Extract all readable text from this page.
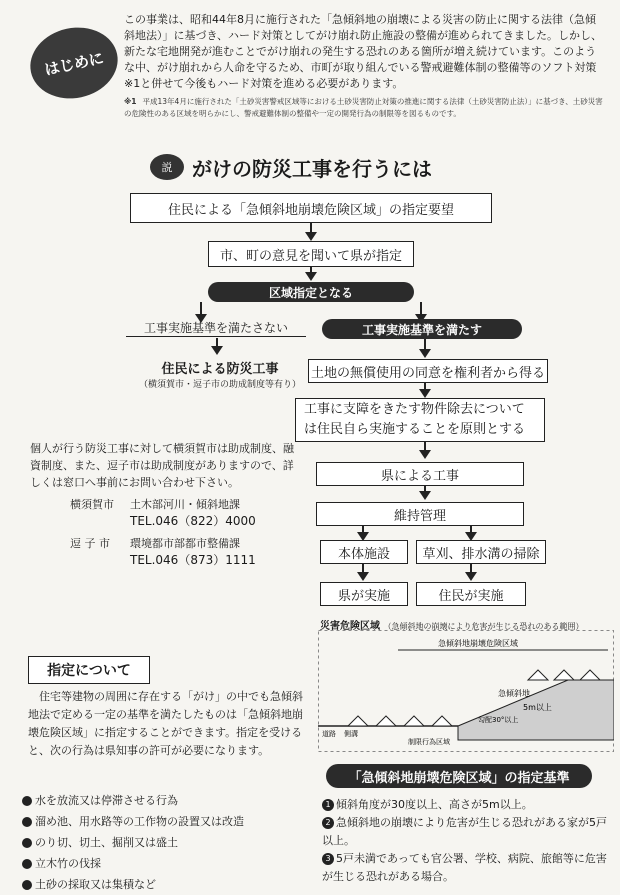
はじめに
この事業は、昭和44年8月に施行された「急傾斜地の崩壊による災害の防止に関する法律（急傾斜地法）」に基づき、ハード対策としてがけ崩れ防止施設の整備が進められてきました。しかし、新たな宅地開発が進むことでがけ崩れの発生する恐れのある箇所が増え続けています。このような中、がけ崩れから人命を守るため、市町が取り組んでいる警戒避難体制の整備等のソフト対策※1と併せて今後もハード対策を進める必要があります。
※1 平成13年4月に施行された「土砂災害警戒区域等における土砂災害防止対策の推進に関する法律（土砂災害防止法）」に基づき、土砂災害の危険性のある区域を明らかにし、警戒避難体制の整備や一定の開発行為の制限等を図るものです。
説 がけの防災工事を行うには
住民による「急傾斜地崩壊危険区域」の指定要望
市、町の意見を聞いて県が指定
区域指定となる
工事実施基準を満たさない	工事実施基準を満たす
住民による防災工事
（横須賀市・逗子市の助成制度等有り）
土地の無償使用の同意を権利者から得る
工事に支障をきたす物件除去については住民自ら実施することを原則とする
県による工事
維持管理
本体施設	草刈、排水溝の掃除
県が実施	住民が実施
個人が行う防災工事に対して横須賀市は助成制度、融資制度、また、逗子市は助成制度がありますので、詳しくは窓口へ事前にお問い合わせ下さい。
横須賀市 土木部河川・傾斜地課
TEL.046（822）4000
逗 子 市 環境都市部都市整備課
TEL.046（873）1111
災害危険区域 （急傾斜地の崩壊により危害が生じる恐れのある範囲）
急傾斜地崩壊危険区域
急傾斜地
5m以上
勾配30°以上
道路 側溝
制限行為区域
指定について
住宅等建物の周囲に存在する「がけ」の中でも急傾斜地法で定める一定の基準を満たしたものは「急傾斜地崩壊危険区域」に指定することができます。指定を受けると、次の行為は県知事の許可が必要になります。
水を放流又は停滞させる行為
溜め池、用水路等の工作物の設置又は改造
のり切、切土、掘削又は盛土
立木竹の伐採
土砂の採取又は集積など
「急傾斜地崩壊危険区域」の指定基準
1 傾斜角度が30度以上、高さが5m以上。
2 急傾斜地の崩壊により危害が生じる恐れがある家が5戸以上。
3 5戸未満であっても官公署、学校、病院、旅館等に危害が生じる恐れがある場合。
